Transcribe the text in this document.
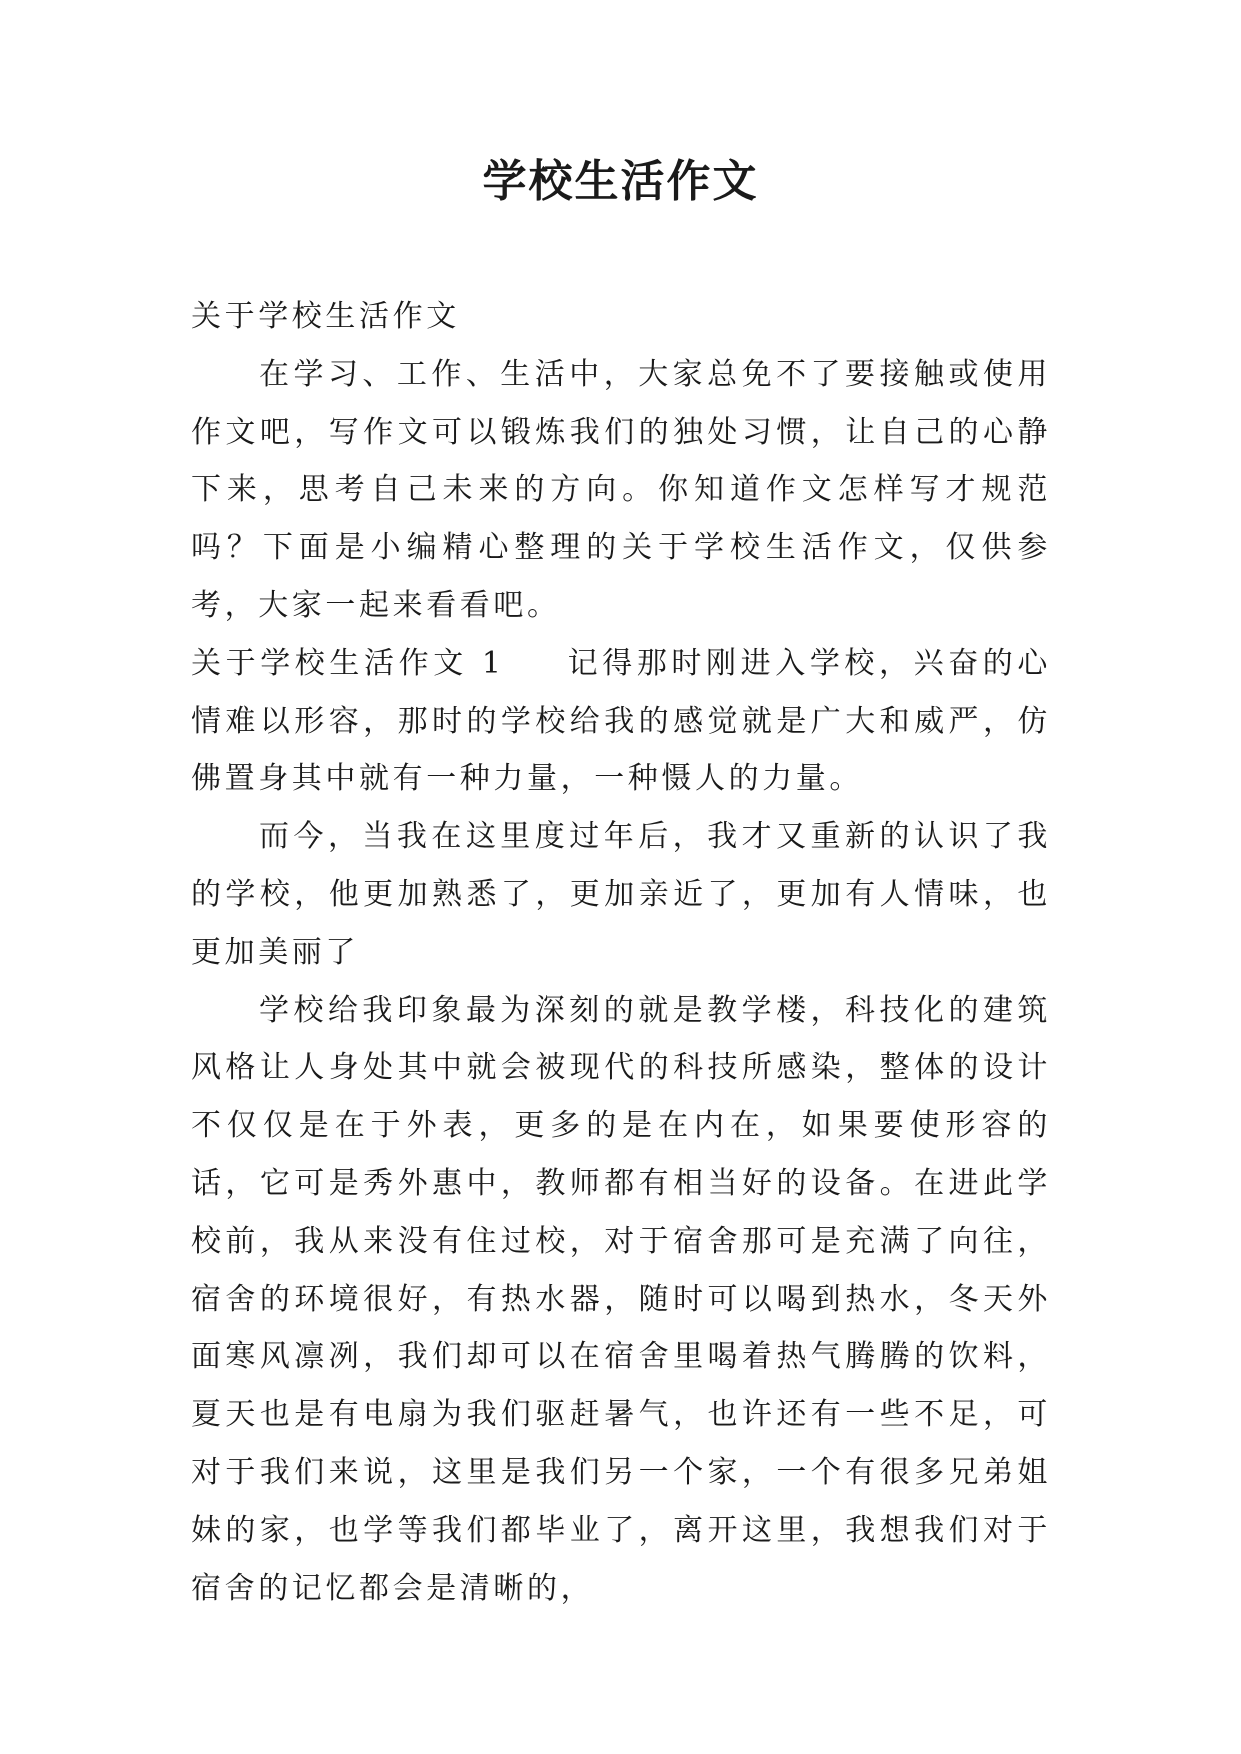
学校生活作文

关于学校生活作文

在学习、工作、生活中，大家总免不了要接触或使用作文吧，写作文可以锻炼我们的独处习惯，让自己的心静下来，思考自己未来的方向。你知道作文怎样写才规范吗？下面是小编精心整理的关于学校生活作文，仅供参考，大家一起来看看吧。

关于学校生活作文 1 记得那时刚进入学校，兴奋的心情难以形容，那时的学校给我的感觉就是广大和威严，仿佛置身其中就有一种力量，一种慑人的力量。

而今，当我在这里度过年后，我才又重新的认识了我的学校，他更加熟悉了，更加亲近了，更加有人情味，也更加美丽了

学校给我印象最为深刻的就是教学楼，科技化的建筑风格让人身处其中就会被现代的科技所感染，整体的设计不仅仅是在于外表，更多的是在内在，如果要使形容的话，它可是秀外惠中，教师都有相当好的设备。在进此学校前，我从来没有住过校，对于宿舍那可是充满了向往，宿舍的环境很好，有热水器，随时可以喝到热水，冬天外面寒风凛冽，我们却可以在宿舍里喝着热气腾腾的饮料，夏天也是有电扇为我们驱赶暑气，也许还有一些不足，可对于我们来说，这里是我们另一个家，一个有很多兄弟姐妹的家，也学等我们都毕业了，离开这里，我想我们对于宿舍的记忆都会是清晰的，
